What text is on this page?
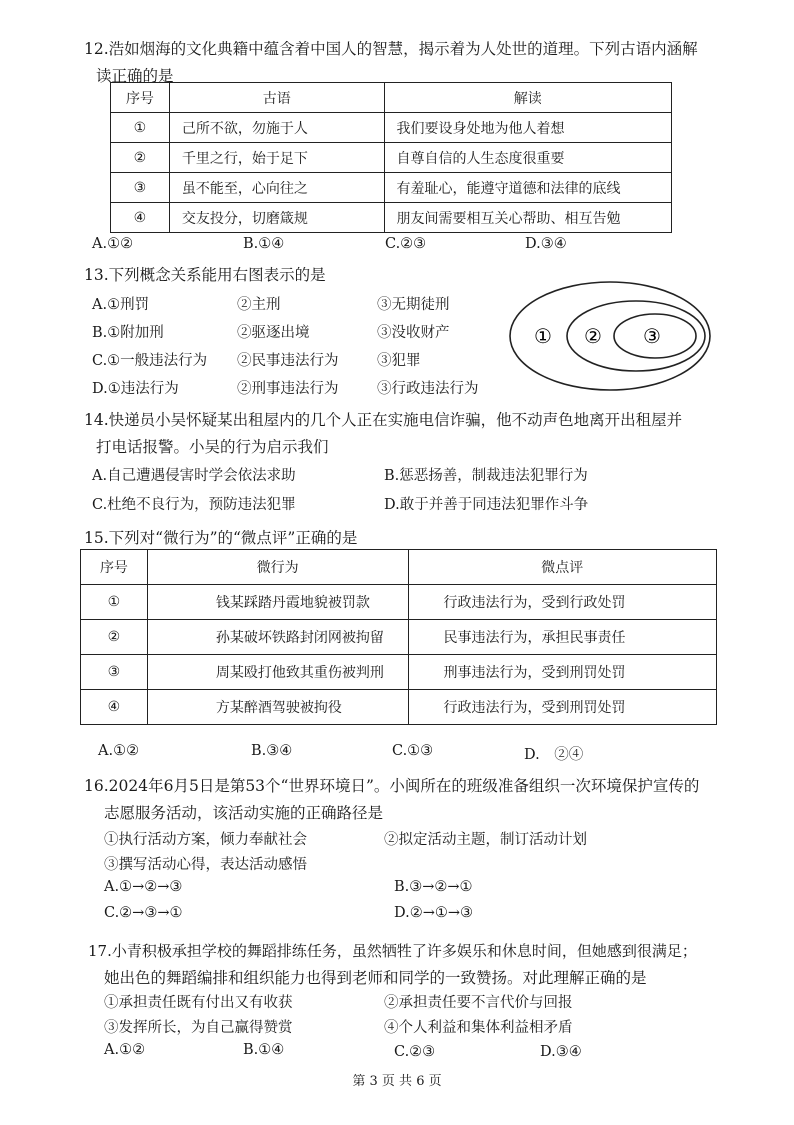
12.浩如烟海的文化典籍中蕴含着中国人的智慧，揭示着为人处世的道理。下列古语内涵解
读正确的是
序号	古语	解读
①	己所不欲，勿施于人	我们要设身处地为他人着想
②	千里之行，始于足下	自尊自信的人生态度很重要
③	虽不能至，心向往之	有羞耻心，能遵守道德和法律的底线
④	交友投分，切磨箴规	朋友间需要相互关心帮助、相互告勉
A.①②	B.①④	C.②③	D.③④
13.下列概念关系能用右图表示的是
A.①刑罚	②主刑	③无期徒刑
B.①附加刑	②驱逐出境	③没收财产
C.①一般违法行为 ②民事违法行为	③犯罪
D.①违法行为	②刑事违法行为	③行政违法行为
① ② ③
14.快递员小吴怀疑某出租屋内的几个人正在实施电信诈骗，他不动声色地离开出租屋并
打电话报警。小吴的行为启示我们
A.自己遭遇侵害时学会依法求助	B.惩恶扬善，制裁违法犯罪行为
C.杜绝不良行为，预防违法犯罪	D.敢于并善于同违法犯罪作斗争
15.下列对“微行为”的“微点评”正确的是
序号	微行为	微点评
①	钱某踩踏丹霞地貌被罚款	行政违法行为，受到行政处罚
②	孙某破坏铁路封闭网被拘留	民事违法行为，承担民事责任
③	周某殴打他致其重伤被判刑	刑事违法行为，受到刑罚处罚
④	方某醉酒驾驶被拘役	行政违法行为，受到刑罚处罚
A.①②	B.③④	C.①③	D.　②④
16.2024年6月5日是第53个“世界环境日”。小闽所在的班级准备组织一次环境保护宣传的
志愿服务活动，该活动实施的正确路径是
①执行活动方案，倾力奉献社会	②拟定活动主题，制订活动计划
③撰写活动心得，表达活动感悟
A.①→②→③	B.③→②→①
C.②→③→①	D.②→①→③
17.小青积极承担学校的舞蹈排练任务，虽然牺牲了许多娱乐和休息时间，但她感到很满足；
她出色的舞蹈编排和组织能力也得到老师和同学的一致赞扬。对此理解正确的是
①承担责任既有付出又有收获	②承担责任要不言代价与回报
③发挥所长，为自己赢得赞赏	④个人利益和集体利益相矛盾
A.①②	B.①④	C.②③	D.③④
第 3 页 共 6 页
